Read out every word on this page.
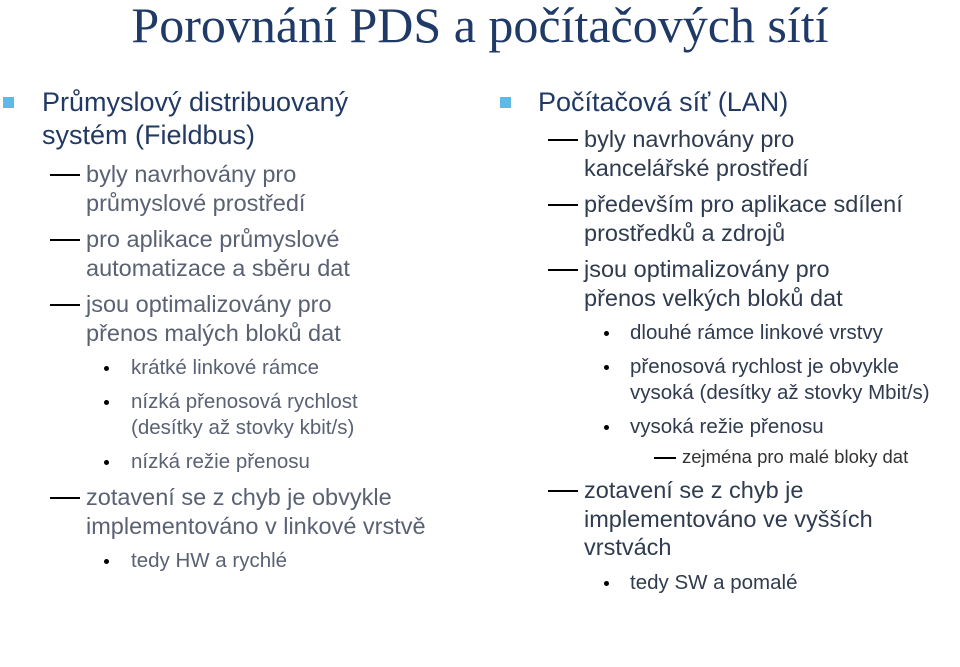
Porovnání PDS a počítačových sítí
Průmyslový distribuovaný systém (Fieldbus)
byly navrhovány pro průmyslové prostředí
pro aplikace průmyslové automatizace a sběru dat
jsou optimalizovány pro přenos malých bloků dat
krátké linkové rámce
nízká přenosová rychlost (desítky až stovky kbit/s)
nízká režie přenosu
zotavení se z chyb je obvykle implementováno v linkové vrstvě
tedy HW a rychlé
Počítačová síť (LAN)
byly navrhovány pro kancelářské prostředí
především pro aplikace sdílení prostředků a zdrojů
jsou optimalizovány pro přenos velkých bloků dat
dlouhé rámce linkové vrstvy
přenosová rychlost je obvykle vysoká (desítky až stovky Mbit/s)
vysoká režie přenosu
zejména pro malé bloky dat
zotavení se z chyb je implementováno ve vyšších vrstvách
tedy SW a pomalé
